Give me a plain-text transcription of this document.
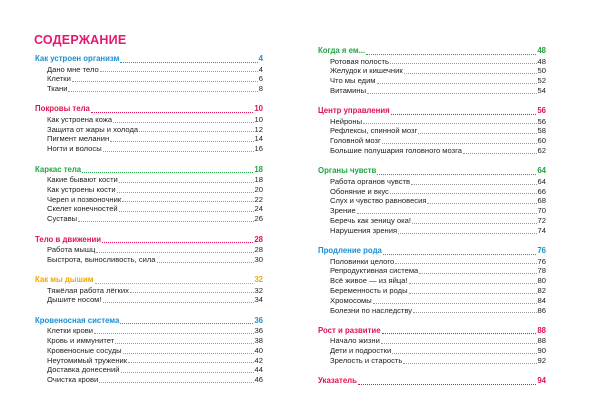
СОДЕРЖАНИЕ
Как устроен организм	4
Дано мне тело	4
Клетки	6
Ткани	8
Покровы тела	10
Как устроена кожа	10
Защита от жары и холода	12
Пигмент меланин	14
Ногти и волосы	16
Каркас тела	18
Какие бывают кости	18
Как устроены кости	20
Череп и позвоночник	22
Скелет конечностей	24
Суставы	26
Тело в движении	28
Работа мышц	28
Быстрота, выносливость, сила	30
Как мы дышим	32
Тяжёлая работа лёгких	32
Дышите носом!	34
Кровеносная система	36
Клетки крови	36
Кровь и иммунитет	38
Кровеносные сосуды	40
Неутомимый труженик	42
Доставка донесений	44
Очистка крови	46
Когда я ем...	48
Ротовая полость	48
Желудок и кишечник	50
Что мы едим	52
Витамины	54
Центр управления	56
Нейроны	56
Рефлексы, спинной мозг	58
Головной мозг	60
Большие полушария головного мозга	62
Органы чувств	64
Работа органов чувств	64
Обоняние и вкус	66
Слух и чувство равновесия	68
Зрение	70
Беречь как зеницу ока!	72
Нарушения зрения	74
Продление рода	76
Половинки целого	76
Репродуктивная система	78
Всё живое — из яйца!	80
Беременность и роды	82
Хромосомы	84
Болезни по наследству	86
Рост и развитие	88
Начало жизни	88
Дети и подростки	90
Зрелость и старость	92
Указатель	94
